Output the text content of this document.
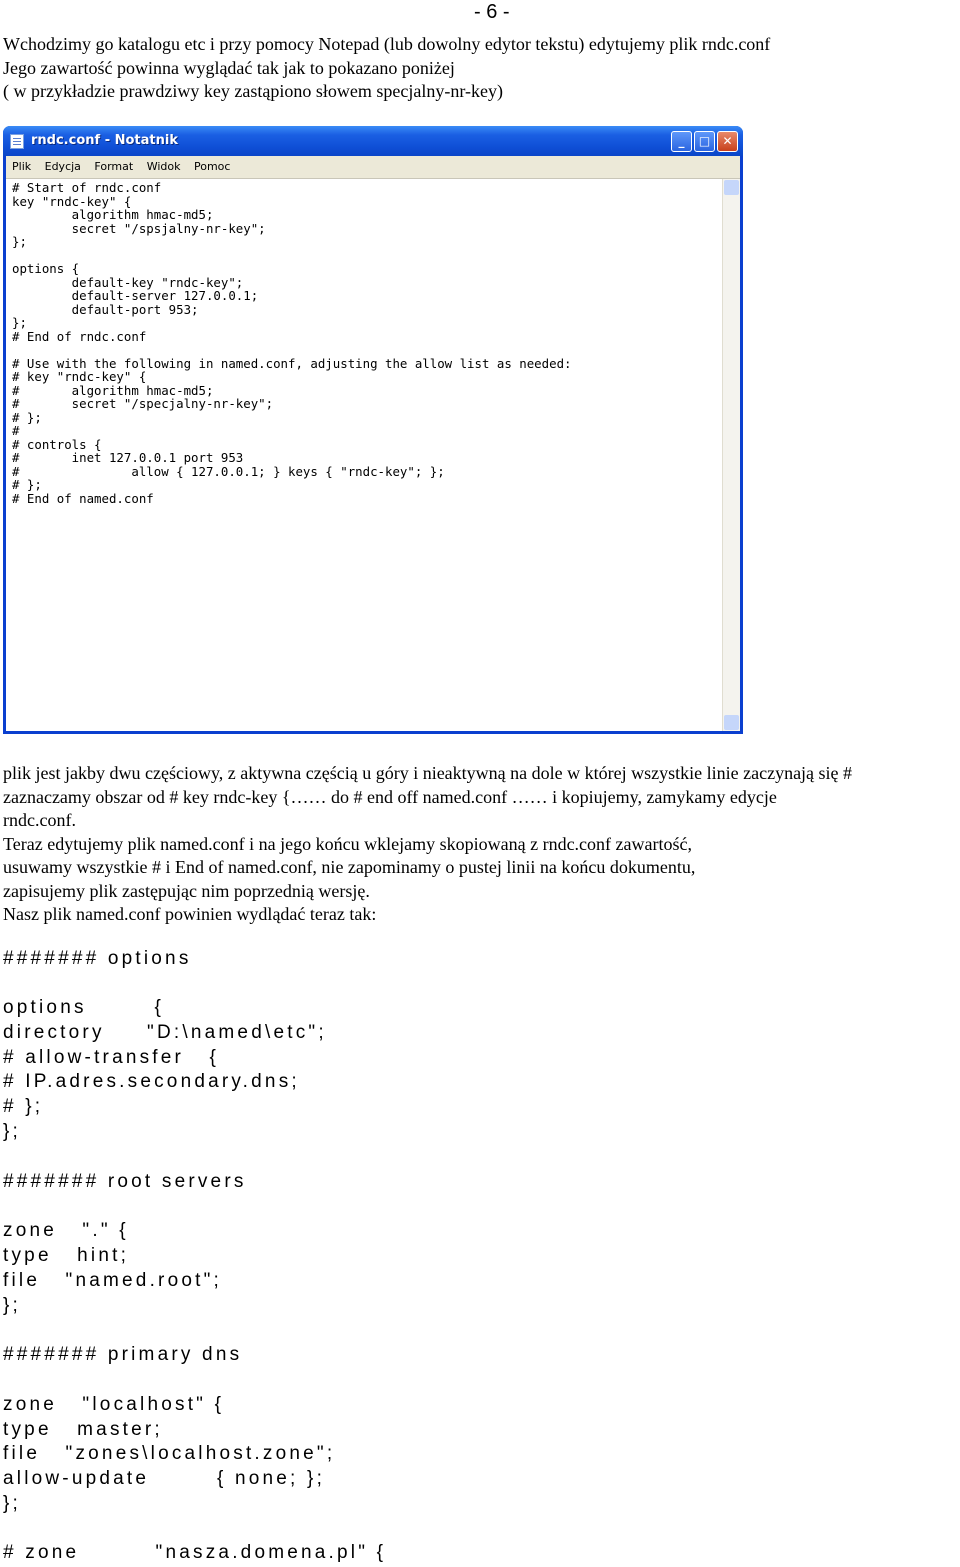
- 6 -
Wchodzimy go katalogu etc i przy pomocy Notepad (lub dowolny edytor tekstu) edytujemy plik rndc.conf
Jego zawartość powinna wyglądać tak jak to pokazano poniżej
( w przykładzie prawdziwy key zastąpiono słowem specjalny-nr-key)
rndc.conf - Notatnik	_	□	✕
Plik Edycja Format Widok Pomoc
# Start of rndc.conf
key "rndc-key" {
algorithm hmac-md5;
secret "/spsjalny-nr-key";
};

options {
default-key "rndc-key";
default-server 127.0.0.1;
default-port 953;
};
# End of rndc.conf

# Use with the following in named.conf, adjusting the allow list as needed:
# key "rndc-key" {
#       algorithm hmac-md5;
#       secret "/specjalny-nr-key";
# };
#
# controls {
#       inet 127.0.0.1 port 953
#               allow { 127.0.0.1; } keys { "rndc-key"; };
# };
# End of named.conf
plik jest jakby dwu częściowy, z aktywna częścią u góry i nieaktywną na dole w której wszystkie linie zaczynają się #
zaznaczamy obszar od # key rndc-key {…… do # end off named.conf …… i kopiujemy, zamykamy edycje
rndc.conf.
Teraz edytujemy plik named.conf i na jego końcu wklejamy skopiowaną z rndc.conf zawartość,
usuwamy wszystkie # i End of named.conf, nie zapominamy o pustej linii na końcu dokumentu,
zapisujemy plik zastępując nim poprzednią wersję.
Nasz plik named.conf powinien wydlądać teraz tak:
####### options
options        {
directory     "D:\named\etc";
# allow-transfer   {
# IP.adres.secondary.dns;
# };
};
####### root servers
zone   "." {
type   hint;
file   "named.root";
};
####### primary dns
zone   "localhost" {
type   master;
file   "zones\localhost.zone";
allow-update        { none; };
};
# zone         "nasza.domena.pl" {
